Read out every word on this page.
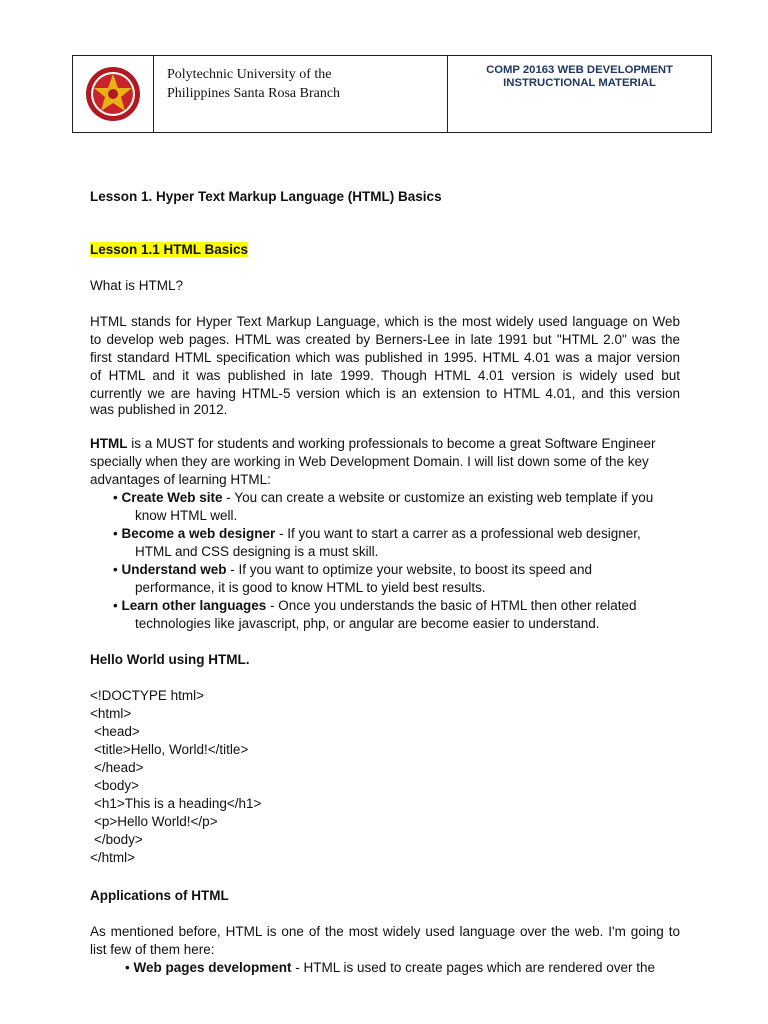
Polytechnic University of the
Philippines Santa Rosa Branch
COMP 20163 WEB DEVELOPMENT
INSTRUCTIONAL MATERIAL
Lesson 1. Hyper Text Markup Language (HTML) Basics
Lesson 1.1 HTML Basics
What is HTML?
HTML stands for Hyper Text Markup Language, which is the most widely used language on Web
to develop web pages. HTML was created by Berners-Lee in late 1991 but "HTML 2.0" was the
first standard HTML specification which was published in 1995. HTML 4.01 was a major version
of HTML and it was published in late 1999. Though HTML 4.01 version is widely used but
currently we are having HTML-5 version which is an extension to HTML 4.01, and this version
was published in 2012.
HTML is a MUST for students and working professionals to become a great Software Engineer
specially when they are working in Web Development Domain. I will list down some of the key
advantages of learning HTML:
• Create Web site - You can create a website or customize an existing web template if you
know HTML well.
• Become a web designer - If you want to start a carrer as a professional web designer,
HTML and CSS designing is a must skill.
• Understand web - If you want to optimize your website, to boost its speed and
performance, it is good to know HTML to yield best results.
• Learn other languages - Once you understands the basic of HTML then other related
technologies like javascript, php, or angular are become easier to understand.
Hello World using HTML.
<!DOCTYPE html>
<html>
<head>
<title>Hello, World!</title>
</head>
<body>
<h1>This is a heading</h1>
<p>Hello World!</p>
</body>
</html>
Applications of HTML
As mentioned before, HTML is one of the most widely used language over the web. I'm going to
list few of them here:
• Web pages development - HTML is used to create pages which are rendered over the
